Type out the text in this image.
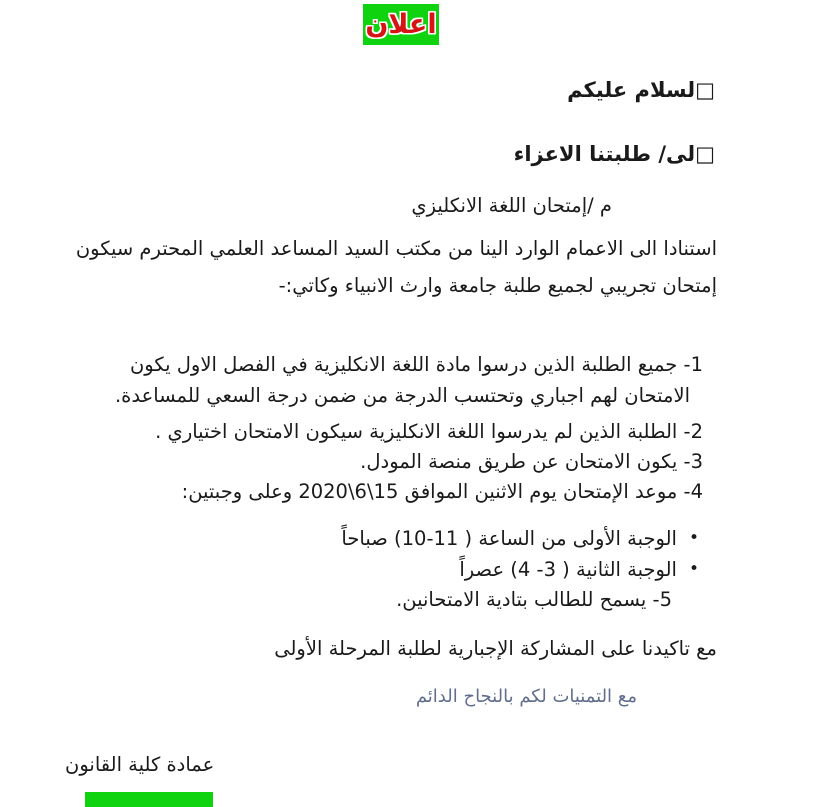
اعلان
□لسلام عليكم
□لى/ طلبتنا الاعزاء
م /إمتحان اللغة الانكليزي
استنادا الى الاعمام الوارد الينا من مكتب السيد المساعد العلمي المحترم سيكون
إمتحان تجريبي لجميع طلبة جامعة وارث الانبياء وكاتي:-
1- جميع الطلبة الذين درسوا مادة اللغة الانكليزية في الفصل الاول يكون
الامتحان لهم اجباري وتحتسب الدرجة من ضمن درجة السعي للمساعدة.
2- الطلبة الذين لم يدرسوا اللغة الانكليزية سيكون الامتحان اختياري .
3- يكون الامتحان عن طريق منصة المودل.
4- موعد الإمتحان يوم الاثنين الموافق 15\6\2020 وعلى وجبتين:
•الوجبة الأولى من الساعة ( 11-10) صباحاً
•الوجبة الثانية ( 3- 4) عصراً
5- يسمح للطالب بتادية الامتحانين.
مع تاكيدنا على المشاركة الإجبارية لطلبة المرحلة الأولى
مع التمنيات لكم بالنجاح الدائم
عمادة كلية القانون
